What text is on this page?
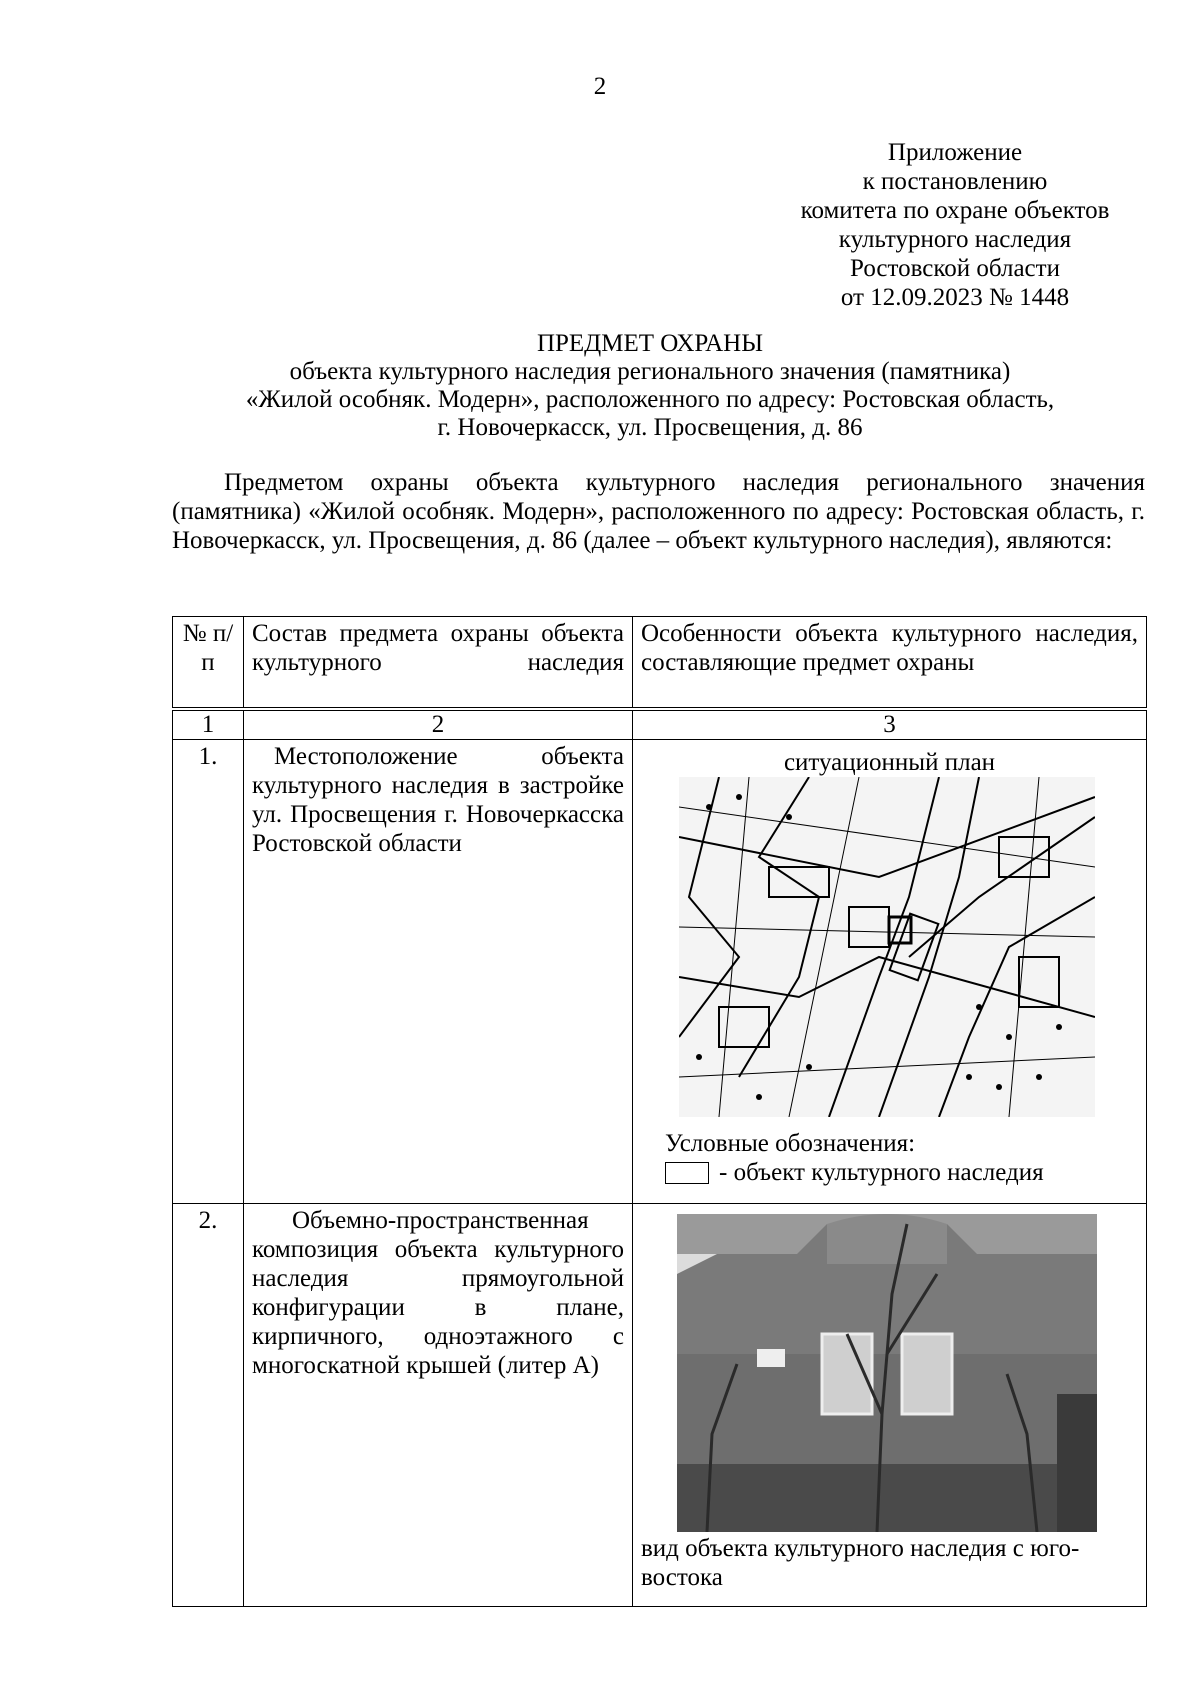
2
Приложение
к постановлению
комитета по охране объектов
культурного наследия
Ростовской области
от 12.09.2023 № 1448
ПРЕДМЕТ ОХРАНЫ
объекта культурного наследия регионального значения (памятника)
«Жилой особняк. Модерн», расположенного по адресу: Ростовская область,
г. Новочеркасск, ул. Просвещения, д. 86
Предметом охраны объекта культурного наследия регионального значения (памятника) «Жилой особняк. Модерн», расположенного по адресу: Ростовская область, г. Новочеркасск, ул. Просвещения, д. 86 (далее – объект культурного наследия), являются:
№ п/п	Состав предмета охраны объекта культурного наследия	Особенности объекта культурного наследия, составляющие предмет охраны

1	2	3
1.	Местоположение объекта культурного наследия в застройке ул. Просвещения г. Новочеркасска Ростовской области	ситуационный план
Условные обозначения:
- объект культурного наследия

2.	Объемно-пространственная композиция объекта культурного наследия прямоугольной конфигурации в плане, кирпичного, одноэтажного с многоскатной крышей (литер А)	вид объекта культурного наследия с юго-востока
